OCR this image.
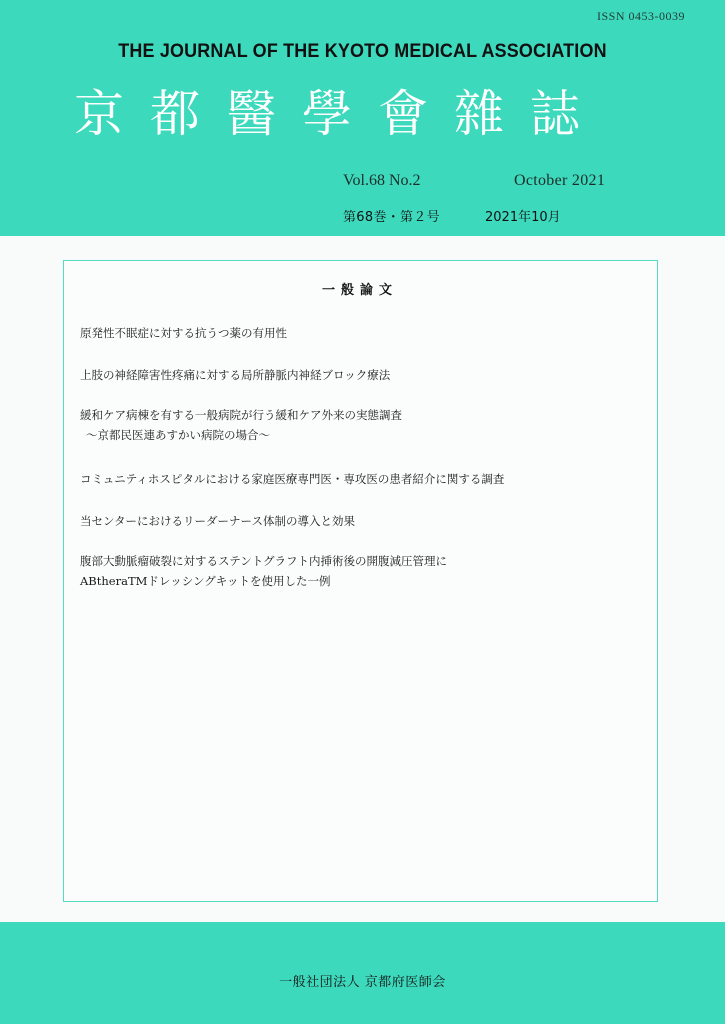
ISSN 0453-0039
THE JOURNAL OF THE KYOTO MEDICAL ASSOCIATION
京都醫學會雜誌
Vol.68 No.2	October 2021
第68巻・第２号	2021年10月
一般論文
原発性不眠症に対する抗うつ薬の有用性
上肢の神経障害性疼痛に対する局所静脈内神経ブロック療法
緩和ケア病棟を有する一般病院が行う緩和ケア外来の実態調査
～京都民医連あすかい病院の場合～
コミュニティホスピタルにおける家庭医療専門医・専攻医の患者紹介に関する調査
当センターにおけるリーダーナース体制の導入と効果
腹部大動脈瘤破裂に対するステントグラフト内挿術後の開腹減圧管理に
ABtheraTMドレッシングキットを使用した一例
一般社団法人 京都府医師会
